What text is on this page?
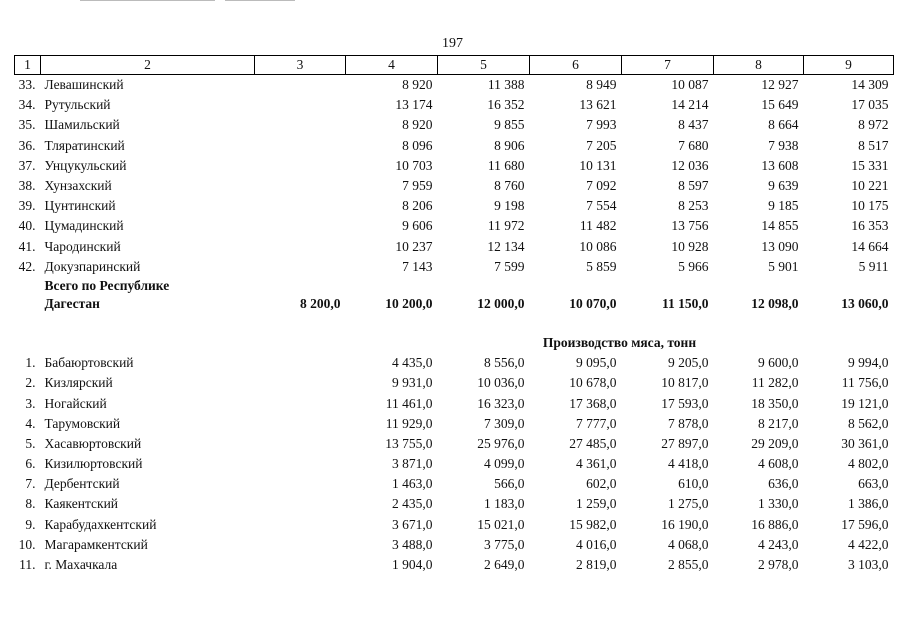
197
1	2	3	4	5	6	7	8	9
33.	Левашинский		8 920	11 388	8 949	10 087	12 927	14 309
34.	Рутульский		13 174	16 352	13 621	14 214	15 649	17 035
35.	Шамильский		8 920	9 855	7 993	8 437	8 664	8 972
36.	Тляратинский		8 096	8 906	7 205	7 680	7 938	8 517
37.	Унцукульский		10 703	11 680	10 131	12 036	13 608	15 331
38.	Хунзахский		7 959	8 760	7 092	8 597	9 639	10 221
39.	Цунтинский		8 206	9 198	7 554	8 253	9 185	10 175
40.	Цумадинский		9 606	11 972	11 482	13 756	14 855	16 353
41.	Чародинский		10 237	12 134	10 086	10 928	13 090	14 664
42.	Докузпаринский		7 143	7 599	5 859	5 966	5 901	5 911
	Всего по Республике							
	Дагестан	8 200,0	10 200,0	12 000,0	10 070,0	11 150,0	12 098,0	13 060,0

			Производство мяса, тонн					
1.	Бабаюртовский		4 435,0	8 556,0	9 095,0	9 205,0	9 600,0	9 994,0
2.	Кизлярский		9 931,0	10 036,0	10 678,0	10 817,0	11 282,0	11 756,0
3.	Ногайский		11 461,0	16 323,0	17 368,0	17 593,0	18 350,0	19 121,0
4.	Тарумовский		11 929,0	7 309,0	7 777,0	7 878,0	8 217,0	8 562,0
5.	Хасавюртовский		13 755,0	25 976,0	27 485,0	27 897,0	29 209,0	30 361,0
6.	Кизилюртовский		3 871,0	4 099,0	4 361,0	4 418,0	4 608,0	4 802,0
7.	Дербентский		1 463,0	566,0	602,0	610,0	636,0	663,0
8.	Каякентский		2 435,0	1 183,0	1 259,0	1 275,0	1 330,0	1 386,0
9.	Карабудахкентский		3 671,0	15 021,0	15 982,0	16 190,0	16 886,0	17 596,0
10.	Магарамкентский		3 488,0	3 775,0	4 016,0	4 068,0	4 243,0	4 422,0
11.	г. Махачкала		1 904,0	2 649,0	2 819,0	2 855,0	2 978,0	3 103,0
